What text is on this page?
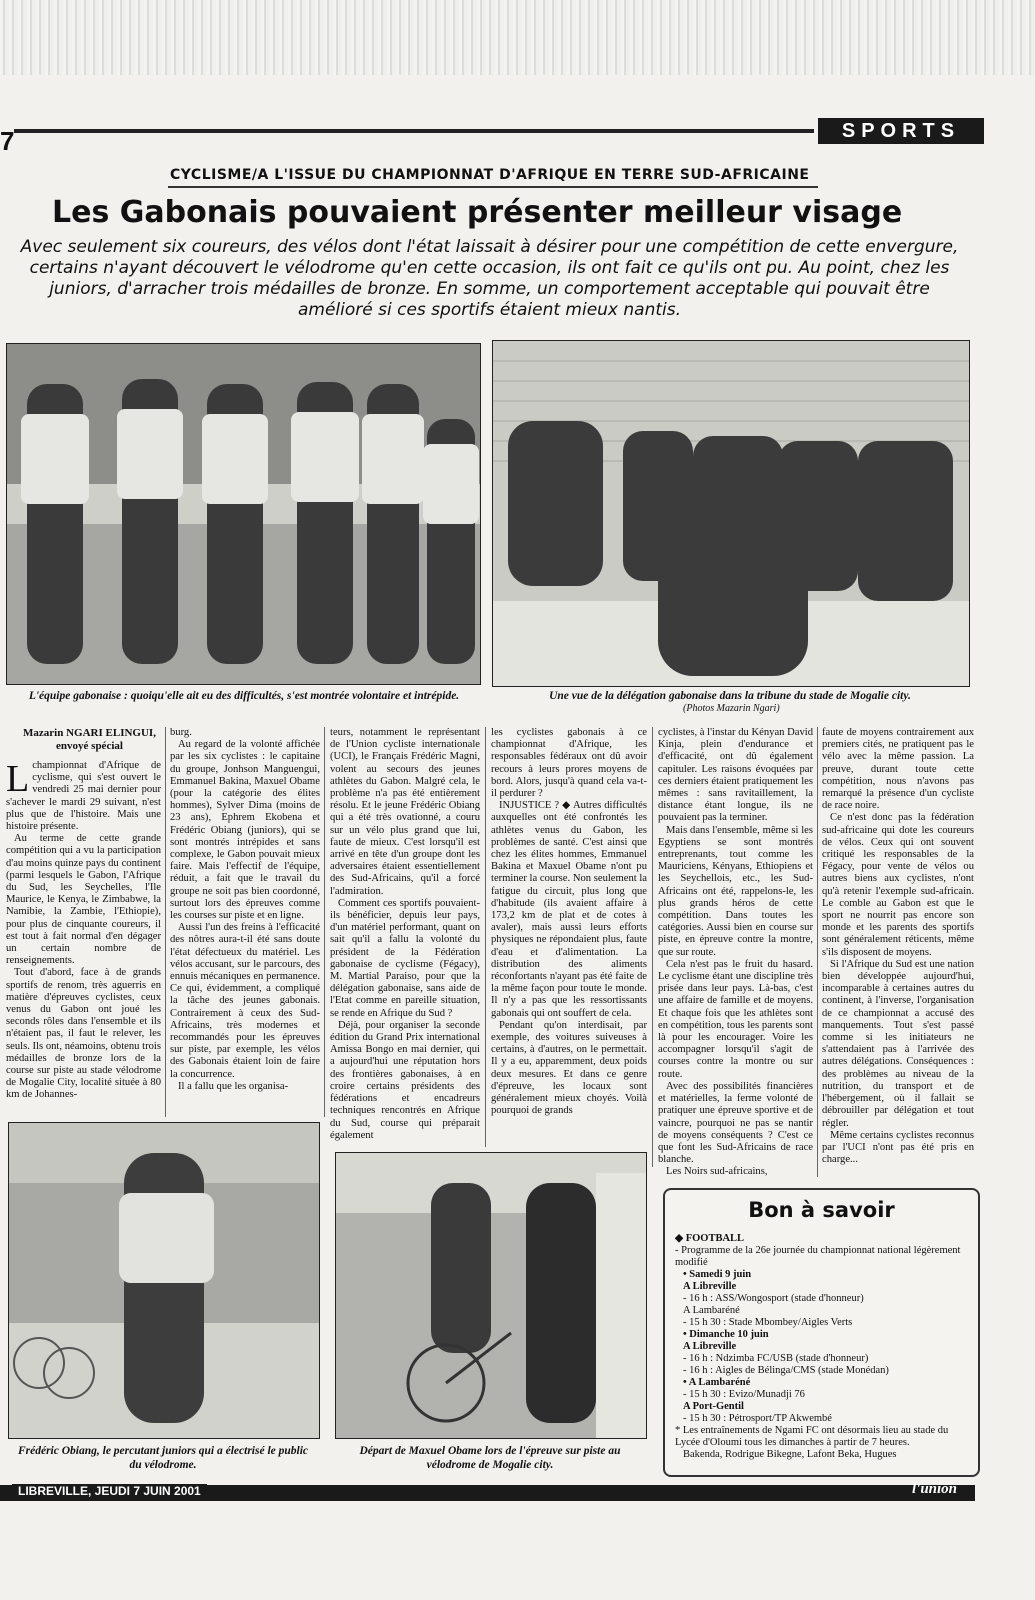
7	SPORTS
CYCLISME/A L'ISSUE DU CHAMPIONNAT D'AFRIQUE EN TERRE SUD-AFRICAINE
Les Gabonais pouvaient présenter meilleur visage
Avec seulement six coureurs, des vélos dont l'état laissait à désirer pour une compétition de cette envergure, certains n'ayant découvert le vélodrome qu'en cette occasion, ils ont fait ce qu'ils ont pu. Au point, chez les juniors, d'arracher trois médailles de bronze. En somme, un comportement acceptable qui pouvait être amélioré si ces sportifs étaient mieux nantis.
L'équipe gabonaise : quoiqu'elle ait eu des difficultés, s'est montrée volontaire et intrépide.	Une vue de la délégation gabonaise dans la tribune du stade de Mogalie city.
(Photos Mazarin Ngari)
Mazarin NGARI ELINGUI,
envoyé spécial

Lchampionnat d'Afrique de cyclisme, qui s'est ouvert le vendredi 25 mai dernier pour s'achever le mardi 29 suivant, n'est plus que de l'histoire. Mais une histoire présente.

Au terme de cette grande compétition qui a vu la participation d'au moins quinze pays du continent (parmi lesquels le Gabon, l'Afrique du Sud, les Seychelles, l'Ile Maurice, le Kenya, le Zimbabwe, la Namibie, la Zambie, l'Ethiopie), pour plus de cinquante coureurs, il est tout à fait normal d'en dégager un certain nombre de renseignements.

Tout d'abord, face à de grands sportifs de renom, très aguerris en matière d'épreuves cyclistes, ceux venus du Gabon ont joué les seconds rôles dans l'ensemble et ils n'étaient pas, il faut le relever, les seuls. Ils ont, néamoins, obtenu trois médailles de bronze lors de la course sur piste au stade vélodrome de Mogalie City, localité située à 80 km de Johannes-

burg.

Au regard de la volonté affichée par les six cyclistes : le capitaine du groupe, Jonhson Manguengui, Emmanuel Bakina, Maxuel Obame (pour la catégorie des élites hommes), Sylver Dima (moins de 23 ans), Ephrem Ekobena et Frédéric Obiang (juniors), qui se sont montrés intrépides et sans complexe, le Gabon pouvait mieux faire. Mais l'effectif de l'équipe, réduit, a fait que le travail du groupe ne soit pas bien coordonné, surtout lors des épreuves comme les courses sur piste et en ligne.

Aussi l'un des freins à l'efficacité des nôtres aura-t-il été sans doute l'état défectueux du matériel. Les vélos accusant, sur le parcours, des ennuis mécaniques en permanence. Ce qui, évidemment, a compliqué la tâche des jeunes gabonais. Contrairement à ceux des Sud-Africains, très modernes et recommandés pour les épreuves sur piste, par exemple, les vélos des Gabonais étaient loin de faire la concurrence.

Il a fallu que les organisa-

teurs, notamment le représentant de l'Union cycliste internationale (UCI), le Français Frédéric Magni, volent au secours des jeunes athlètes du Gabon. Malgré cela, le problème n'a pas été entièrement résolu. Et le jeune Frédéric Obiang qui a été très ovationné, a couru sur un vélo plus grand que lui, faute de mieux. C'est lorsqu'il est arrivé en tête d'un groupe dont les adversaires étaient essentiellement des Sud-Africains, qu'il a forcé l'admiration.

Comment ces sportifs pouvaient-ils bénéficier, depuis leur pays, d'un matériel performant, quant on sait qu'il a fallu la volonté du président de la Fédération gabonaise de cyclisme (Fégacy), M. Martial Paraiso, pour que la délégation gabonaise, sans aide de l'Etat comme en pareille situation, se rende en Afrique du Sud ?

Déjà, pour organiser la seconde édition du Grand Prix international Amissa Bongo en mai dernier, qui a aujourd'hui une réputation hors des frontières gabonaises, à en croire certains présidents des fédérations et encadreurs techniques rencontrés en Afrique du Sud, course qui préparait également

les cyclistes gabonais à ce championnat d'Afrique, les responsables fédéraux ont dû avoir recours à leurs prores moyens de bord. Alors, jusqu'à quand cela va-t-il perdurer ?

INJUSTICE ? ◆ Autres difficultés auxquelles ont été confrontés les athlètes venus du Gabon, les problèmes de santé. C'est ainsi que chez les élites hommes, Emmanuel Bakina et Maxuel Obame n'ont pu terminer la course. Non seulement la fatigue du circuit, plus long que d'habitude (ils avaient affaire à 173,2 km de plat et de cotes à avaler), mais aussi leurs efforts physiques ne répondaient plus, faute d'eau et d'alimentation. La distribution des aliments réconfortants n'ayant pas été faite de la même façon pour toute le monde. Il n'y a pas que les ressortissants gabonais qui ont souffert de cela.

Pendant qu'on interdisait, par exemple, des voitures suiveuses à certains, à d'autres, on le permettait. Il y a eu, apparemment, deux poids deux mesures. Et dans ce genre d'épreuve, les locaux sont généralement mieux choyés. Voilà pourquoi de grands

cyclistes, à l'instar du Kényan David Kinja, plein d'endurance et d'efficacité, ont dû également capituler. Les raisons évoquées par ces derniers étaient pratiquement les mêmes : sans ravitaillement, la distance étant longue, ils ne pouvaient pas la terminer.

Mais dans l'ensemble, même si les Egyptiens se sont montrés entreprenants, tout comme les Mauriciens, Kényans, Ethiopiens et les Seychellois, etc., les Sud-Africains ont été, rappelons-le, les plus grands héros de cette compétition. Dans toutes les catégories. Aussi bien en course sur piste, en épreuve contre la montre, que sur route.

Cela n'est pas le fruit du hasard. Le cyclisme étant une discipline très prisée dans leur pays. Là-bas, c'est une affaire de famille et de moyens. Et chaque fois que les athlètes sont en compétition, tous les parents sont là pour les encourager. Voire les accompagner lorsqu'il s'agit de courses contre la montre ou sur route.

Avec des possibilités financières et matérielles, la ferme volonté de pratiquer une épreuve sportive et de vaincre, pourquoi ne pas se nantir de moyens conséquents ? C'est ce que font les Sud-Africains de race blanche.

Les Noirs sud-africains,

faute de moyens contrairement aux premiers cités, ne pratiquent pas le vélo avec la même passion. La preuve, durant toute cette compétition, nous n'avons pas remarqué la présence d'un cycliste de race noire.

Ce n'est donc pas la fédération sud-africaine qui dote les coureurs de vélos. Ceux qui ont souvent critiqué les responsables de la Fégacy, pour vente de vélos ou autres biens aux cyclistes, n'ont qu'à retenir l'exemple sud-africain. Le comble au Gabon est que le sport ne nourrit pas encore son monde et les parents des sportifs sont généralement réticents, même s'ils disposent de moyens.

Si l'Afrique du Sud est une nation bien développée aujourd'hui, incomparable à certaines autres du continent, à l'inverse, l'organisation de ce championnat a accusé des manquements. Tout s'est passé comme si les initiateurs ne s'attendaient pas à l'arrivée des autres délégations. Conséquences : des problèmes au niveau de la nutrition, du transport et de l'hébergement, où il fallait se débrouiller par délégation et tout régler.

Même certains cyclistes reconnus par l'UCI n'ont pas été pris en charge...

Frédéric Obiang, le percutant juniors qui a électrisé le public du vélodrome.
Départ de Maxuel Obame lors de l'épreuve sur piste au vélodrome de Mogalie city.
Bon à savoir
◆ FOOTBALL
- Programme de la 26e journée du championnat national légèrement modifié
• Samedi 9 juin
A Libreville
- 16 h : ASS/Wongosport (stade d'honneur)
A Lambaréné
- 15 h 30 : Stade Mbombey/Aigles Verts
• Dimanche 10 juin
A Libreville
- 16 h : Ndzimba FC/USB (stade d'honneur)
- 16 h : Aigles de Bélinga/CMS (stade Monédan)
• A Lambaréné
- 15 h 30 : Evizo/Munadji 76
A Port-Gentil
- 15 h 30 : Pétrosport/TP Akwembé
* Les entraînements de Ngami FC ont désormais lieu au stade du Lycée d'Oloumi tous les dimanches à partir de 7 heures.
Bakenda, Rodrigue Bikegne, Lafont Beka, Hugues
LIBREVILLE, JEUDI 7 JUIN 2001	l'union
